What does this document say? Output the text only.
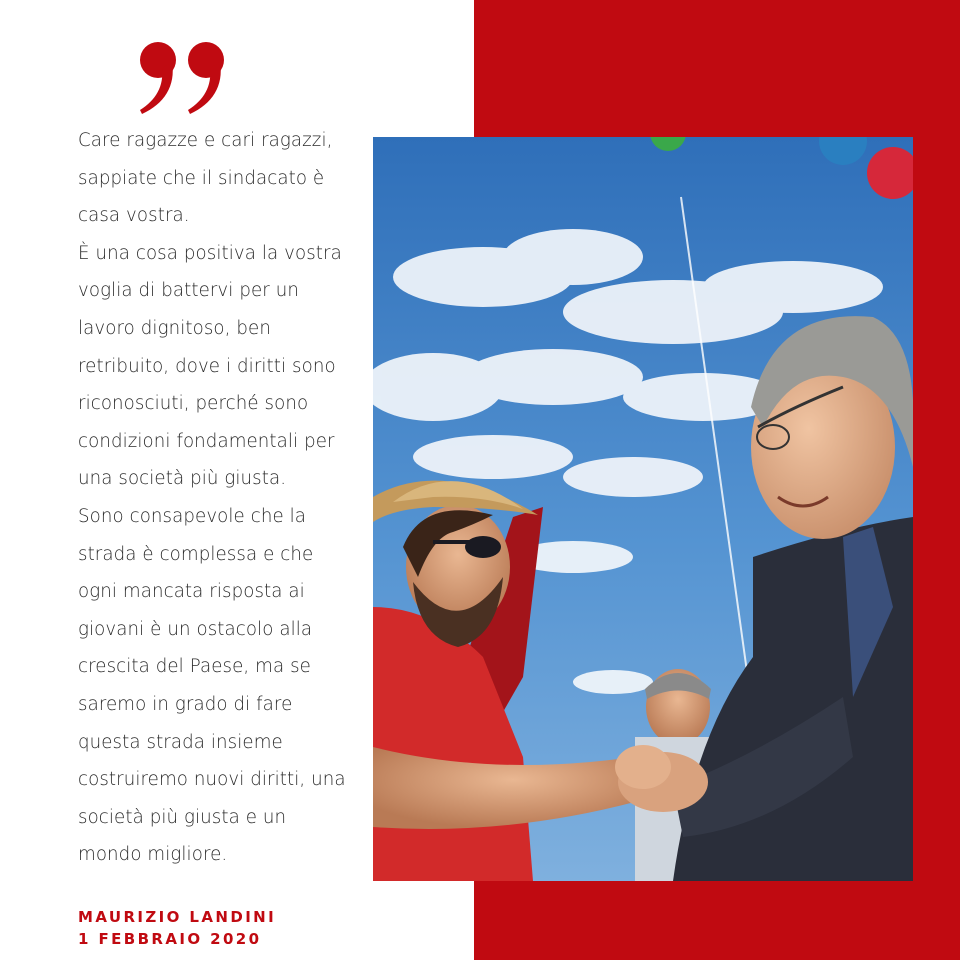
Care ragazze e cari ragazzi,
sappiate che il sindacato è
casa vostra.
È una cosa positiva la vostra
voglia di battervi per un
lavoro dignitoso, ben
retribuito, dove i diritti sono
riconosciuti, perché sono
condizioni fondamentali per
una società più giusta.
Sono consapevole che la
strada è complessa e che
ogni mancata risposta ai
giovani è un ostacolo alla
crescita del Paese, ma se
saremo in grado di fare
questa strada insieme
costruiremo nuovi diritti, una
società più giusta e un
mondo migliore.
MAURIZIO LANDINI
1 FEBBRAIO 2020
